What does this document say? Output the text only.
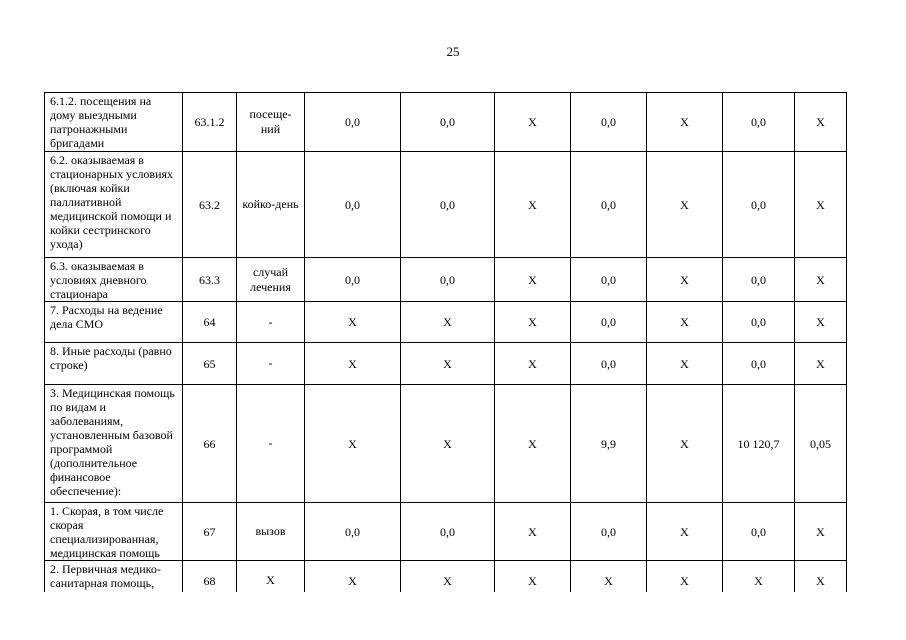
25
6.1.2. посещения на дому выездными патронажными бригадами	63.1.2	посеще-ний	0,0	0,0	X	0,0	X	0,0	X
6.2. оказываемая в стационарных условиях (включая койки паллиативной медицинской помощи и койки сестринского ухода)	63.2	койко-день	0,0	0,0	X	0,0	X	0,0	X
6.3. оказываемая в условиях дневного стационара	63.3	случай лечения	0,0	0,0	X	0,0	X	0,0	X
7. Расходы на ведение дела СМО	64	-	X	X	X	0,0	X	0,0	X
8. Иные расходы (равно строке)	65	-	X	X	X	0,0	X	0,0	X
3. Медицинская помощь по видам и заболеваниям, установленным базовой программой (дополнительное финансовое обеспечение):	66	-	X	X	X	9,9	X	10 120,7	0,05
1. Скорая, в том числе скорая специализированная, медицинская помощь	67	вызов	0,0	0,0	X	0,0	X	0,0	X
2. Первичная медико-санитарная помощь,	68	X	X	X	X	X	X	X	X
